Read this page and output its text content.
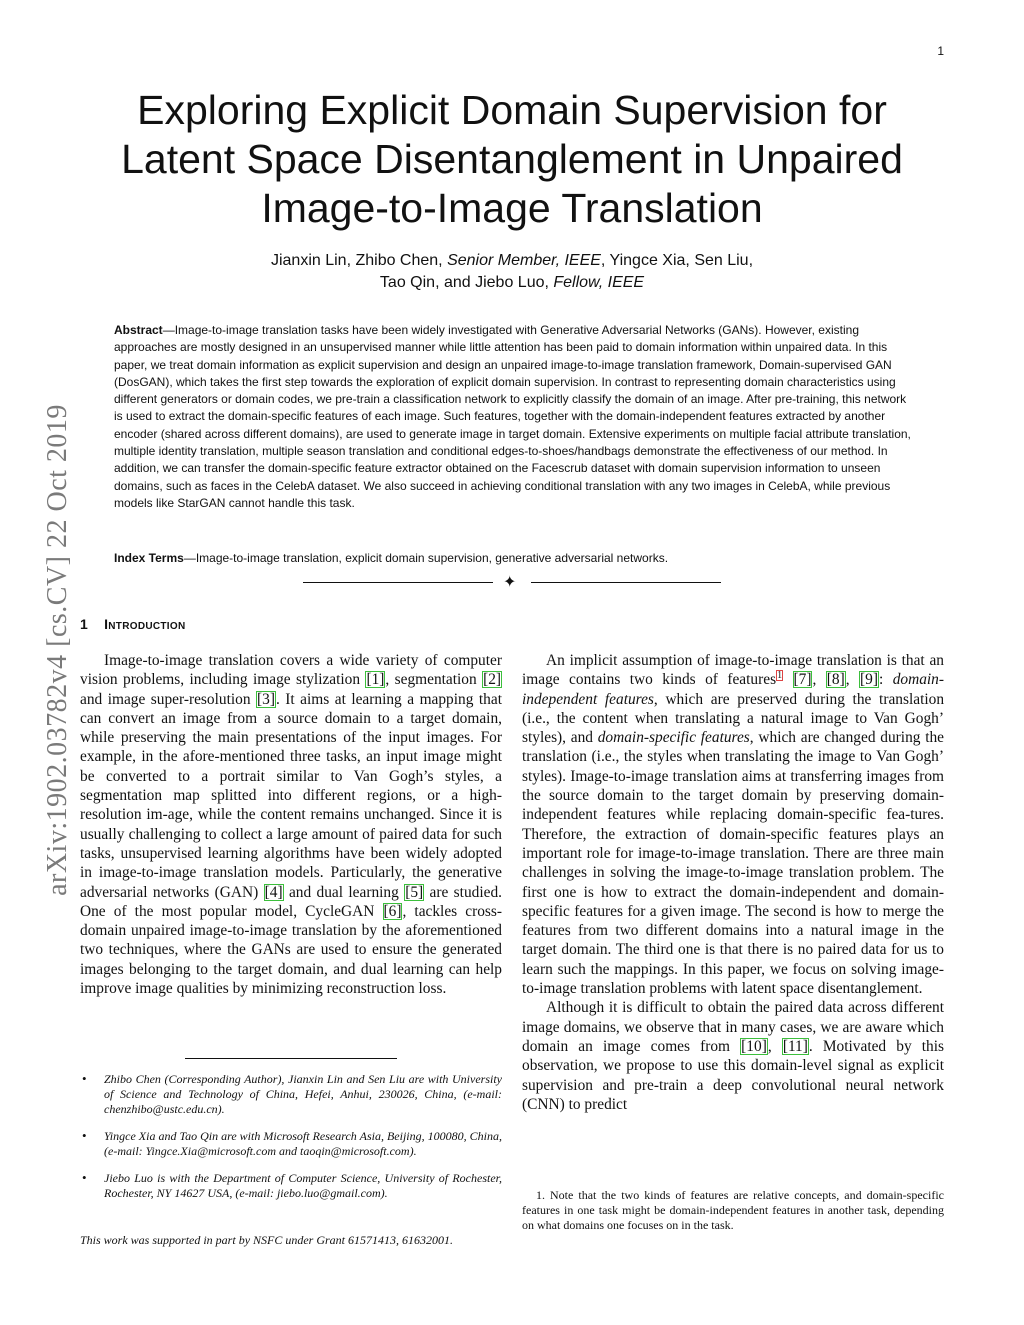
1
arXiv:1902.03782v4 [cs.CV] 22 Oct 2019
Exploring Explicit Domain Supervision for Latent Space Disentanglement in Unpaired Image-to-Image Translation
Jianxin Lin, Zhibo Chen, Senior Member, IEEE, Yingce Xia, Sen Liu,
Tao Qin, and Jiebo Luo, Fellow, IEEE

Abstract—Image-to-image translation tasks have been widely investigated with Generative Adversarial Networks (GANs). However, existing approaches are mostly designed in an unsupervised manner while little attention has been paid to domain information within unpaired data. In this paper, we treat domain information as explicit supervision and design an unpaired image-to-image translation framework, Domain-supervised GAN (DosGAN), which takes the first step towards the exploration of explicit domain supervision. In contrast to representing domain characteristics using different generators or domain codes, we pre-train a classification network to explicitly classify the domain of an image. After pre-training, this network is used to extract the domain-specific features of each image. Such features, together with the domain-independent features extracted by another encoder (shared across different domains), are used to generate image in target domain. Extensive experiments on multiple facial attribute translation, multiple identity translation, multiple season translation and conditional edges-to-shoes/handbags demonstrate the effectiveness of our method. In addition, we can transfer the domain-specific feature extractor obtained on the Facescrub dataset with domain supervision information to unseen domains, such as faces in the CelebA dataset. We also succeed in achieving conditional translation with any two images in CelebA, while previous models like StarGAN cannot handle this task.

Index Terms—Image-to-image translation, explicit domain supervision, generative adversarial networks.

✦
1 Introduction

Image-to-image translation covers a wide variety of computer vision problems, including image stylization [1], segmentation [2] and image super-resolution [3]. It aims at learning a mapping that can convert an image from a source domain to a target domain, while preserving the main presentations of the input images. For example, in the afore-mentioned three tasks, an input image might be converted to a portrait similar to Van Gogh’s styles, a segmentation map splitted into different regions, or a high-resolution im-age, while the content remains unchanged. Since it is usually challenging to collect a large amount of paired data for such tasks, unsupervised learning algorithms have been widely adopted in image-to-image translation models. Particularly, the generative adversarial networks (GAN) [4] and dual learning [5] are studied. One of the most popular model, CycleGAN [6], tackles cross-domain unpaired image-to-image translation by the aforementioned two techniques, where the GANs are used to ensure the generated images belonging to the target domain, and dual learning can help improve image qualities by minimizing reconstruction loss.

An implicit assumption of image-to-image translation is that an image contains two kinds of features$^1$ [7], [8], [9]: domain-independent features, which are preserved during the translation (i.e., the content when translating a natural image to Van Gogh’ styles), and domain-specific features, which are changed during the translation (i.e., the styles when translating the image to Van Gogh’ styles). Image-to-image translation aims at transferring images from the source domain to the target domain by preserving domain-independent features while replacing domain-specific fea-tures. Therefore, the extraction of domain-specific features plays an important role for image-to-image translation. There are three main challenges in solving the image-to-image translation problem. The first one is how to extract the domain-independent and domain-specific features for a given image. The second is how to merge the features from two different domains into a natural image in the target domain. The third one is that there is no paired data for us to learn such the mappings. In this paper, we focus on solving image-to-image translation problems with latent space disentanglement.

Although it is difficult to obtain the paired data across different image domains, we observe that in many cases, we are aware which domain an image comes from [10], [11]. Motivated by this observation, we propose to use this domain-level signal as explicit supervision and pre-train a deep convolutional neural network (CNN) to predict

• Zhibo Chen (Corresponding Author), Jianxin Lin and Sen Liu are with University of Science and Technology of China, Hefei, Anhui, 230026, China, (e-mail: chenzhibo@ustc.edu.cn).
• Yingce Xia and Tao Qin are with Microsoft Research Asia, Beijing, 100080, China, (e-mail: Yingce.Xia@microsoft.com and taoqin@microsoft.com).
• Jiebo Luo is with the Department of Computer Science, University of Rochester, Rochester, NY 14627 USA, (e-mail: jiebo.luo@gmail.com).
This work was supported in part by NSFC under Grant 61571413, 61632001.
1. Note that the two kinds of features are relative concepts, and domain-specific features in one task might be domain-independent features in another task, depending on what domains one focuses on in the task.
